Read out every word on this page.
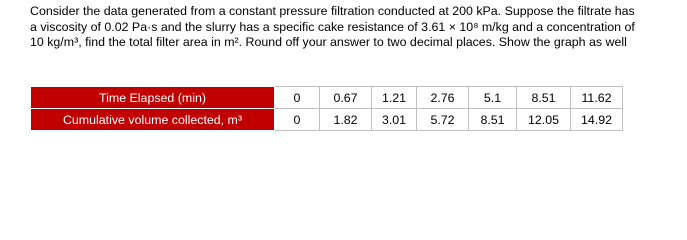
Consider the data generated from a constant pressure filtration conducted at 200 kPa. Suppose the filtrate has

a viscosity of 0.02 Pa·s and the slurry has a specific cake resistance of 3.61 × 10⁸ m/kg and a concentration of

10 kg/m³, find the total filter area in m². Round off your answer to two decimal places. Show the graph as well

Time Elapsed (min)	0	0.67	1.21	2.76	5.1	8.51	11.62
Cumulative volume collected, m³	0	1.82	3.01	5.72	8.51	12.05	14.92
